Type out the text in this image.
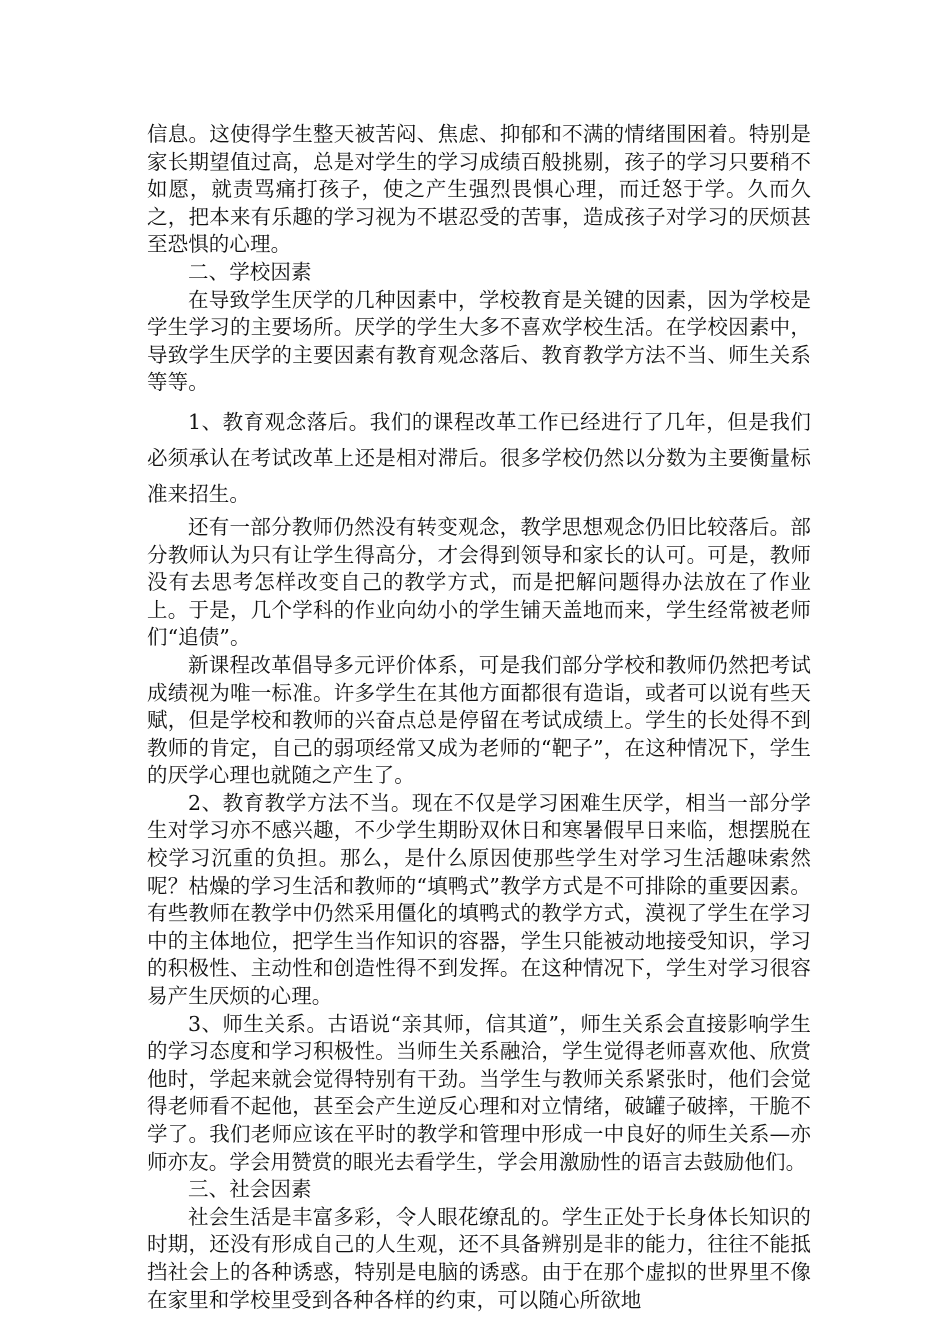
信息。这使得学生整天被苦闷、焦虑、抑郁和不满的情绪围困着。特别是家长期望值过高，总是对学生的学习成绩百般挑剔，孩子的学习只要稍不如愿，就责骂痛打孩子，使之产生强烈畏惧心理，而迁怒于学。久而久之，把本来有乐趣的学习视为不堪忍受的苦事，造成孩子对学习的厌烦甚至恐惧的心理。

二、学校因素

在导致学生厌学的几种因素中，学校教育是关键的因素，因为学校是学生学习的主要场所。厌学的学生大多不喜欢学校生活。在学校因素中，导致学生厌学的主要因素有教育观念落后、教育教学方法不当、师生关系等等。

1、教育观念落后。我们的课程改革工作已经进行了几年，但是我们必须承认在考试改革上还是相对滞后。很多学校仍然以分数为主要衡量标准来招生。

还有一部分教师仍然没有转变观念，教学思想观念仍旧比较落后。部分教师认为只有让学生得高分，才会得到领导和家长的认可。可是，教师没有去思考怎样改变自己的教学方式，而是把解问题得办法放在了作业上。于是，几个学科的作业向幼小的学生铺天盖地而来，学生经常被老师们“追债”。

新课程改革倡导多元评价体系，可是我们部分学校和教师仍然把考试成绩视为唯一标准。许多学生在其他方面都很有造诣，或者可以说有些天赋，但是学校和教师的兴奋点总是停留在考试成绩上。学生的长处得不到教师的肯定，自己的弱项经常又成为老师的“靶子”，在这种情况下，学生的厌学心理也就随之产生了。

2、教育教学方法不当。现在不仅是学习困难生厌学，相当一部分学生对学习亦不感兴趣，不少学生期盼双休日和寒暑假早日来临，想摆脱在校学习沉重的负担。那么，是什么原因使那些学生对学习生活趣味索然呢？枯燥的学习生活和教师的“填鸭式”教学方式是不可排除的重要因素。有些教师在教学中仍然采用僵化的填鸭式的教学方式，漠视了学生在学习中的主体地位，把学生当作知识的容器，学生只能被动地接受知识，学习的积极性、主动性和创造性得不到发挥。在这种情况下，学生对学习很容易产生厌烦的心理。

3、师生关系。古语说“亲其师，信其道”，师生关系会直接影响学生的学习态度和学习积极性。当师生关系融洽，学生觉得老师喜欢他、欣赏他时，学起来就会觉得特别有干劲。当学生与教师关系紧张时，他们会觉得老师看不起他，甚至会产生逆反心理和对立情绪，破罐子破摔，干脆不学了。我们老师应该在平时的教学和管理中形成一中良好的师生关系—亦师亦友。学会用赞赏的眼光去看学生，学会用激励性的语言去鼓励他们。

三、社会因素

社会生活是丰富多彩，令人眼花缭乱的。学生正处于长身体长知识的时期，还没有形成自己的人生观，还不具备辨别是非的能力，往往不能抵挡社会上的各种诱惑，特别是电脑的诱惑。由于在那个虚拟的世界里不像在家里和学校里受到各种各样的约束，可以随心所欲地
